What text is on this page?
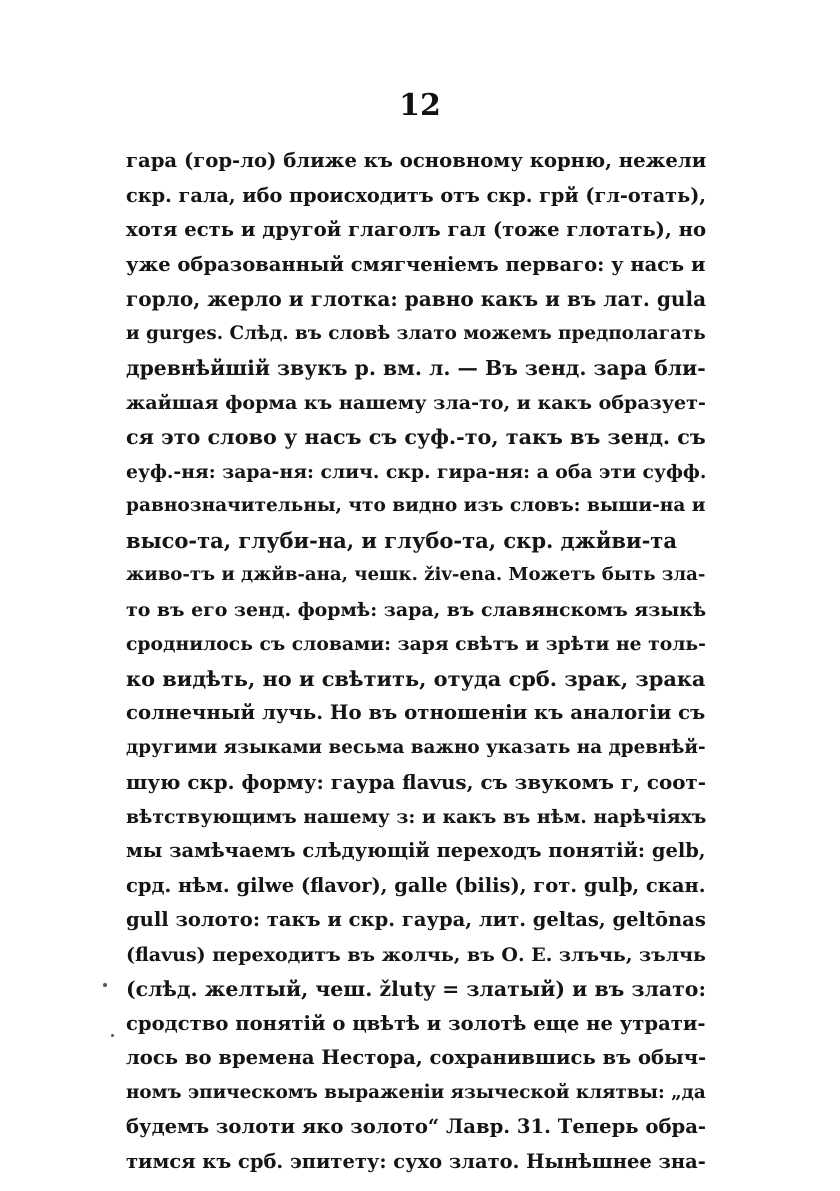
12
гара (гор-ло) ближе къ основному корню, нежели
скр. гала, ибо происходитъ отъ скр. грй (гл-отать),
хотя есть и другой глаголъ гал (тоже глотать), но
уже образованный смягченіемъ перваго: у насъ и
горло, жерло и глотка: равно какъ и въ лат. gula
и gurges. Слѣд. въ словѣ злато можемъ предполагать
древнѣйшій звукъ р. вм. л. — Въ зенд. зара бли-
жайшая форма къ нашему зла-то, и какъ образует-
ся это слово у насъ съ суф.-то, такъ въ зенд. съ
еуф.-ня: зара-ня: слич. скр. гира-ня: а оба эти суфф.
равнозначительны, что видно изъ словъ: выши-на и
высо-та, глуби-на, и глубо-та, скр. джйви-та
живо-тъ и джйв-ана, чешк. živ-ena. Можетъ быть зла-
то въ его зенд. формѣ: зара, въ славянскомъ языкѣ
сроднилось съ словами: заря свѣтъ и зрѣти не толь-
ко видѣть, но и свѣтить, отуда срб. зрак, зрака
солнечный лучь. Но въ отношеніи къ аналогіи съ
другими языками весьма важно указать на древнѣй-
шую скр. форму: гаура flavus, съ звукомъ г, соот-
вѣтствующимъ нашему з: и какъ въ нѣм. нарѣчіяхъ
мы замѣчаемъ слѣдующій переходъ понятій: gelb,
срд. нѣм. gilwe (flavor), galle (bilis), гот. gulþ, скан.
gull золото: такъ и скр. гаура, лит. geltas, geltōnas
(flavus) переходитъ въ жолчь, въ О. Е. злъчь, зълчь
(слѣд. желтый, чеш. žluty = златый) и въ злато:
сродство понятій о цвѣтѣ и золотѣ еще не утрати-
лось во времена Нестора, сохранившись въ обыч-
номъ эпическомъ выраженіи языческой клятвы: „да
будемъ золоти яко золото“ Лавр. 31. Теперь обра-
тимся къ срб. эпитету: сухо злато. Нынѣшнее зна-
